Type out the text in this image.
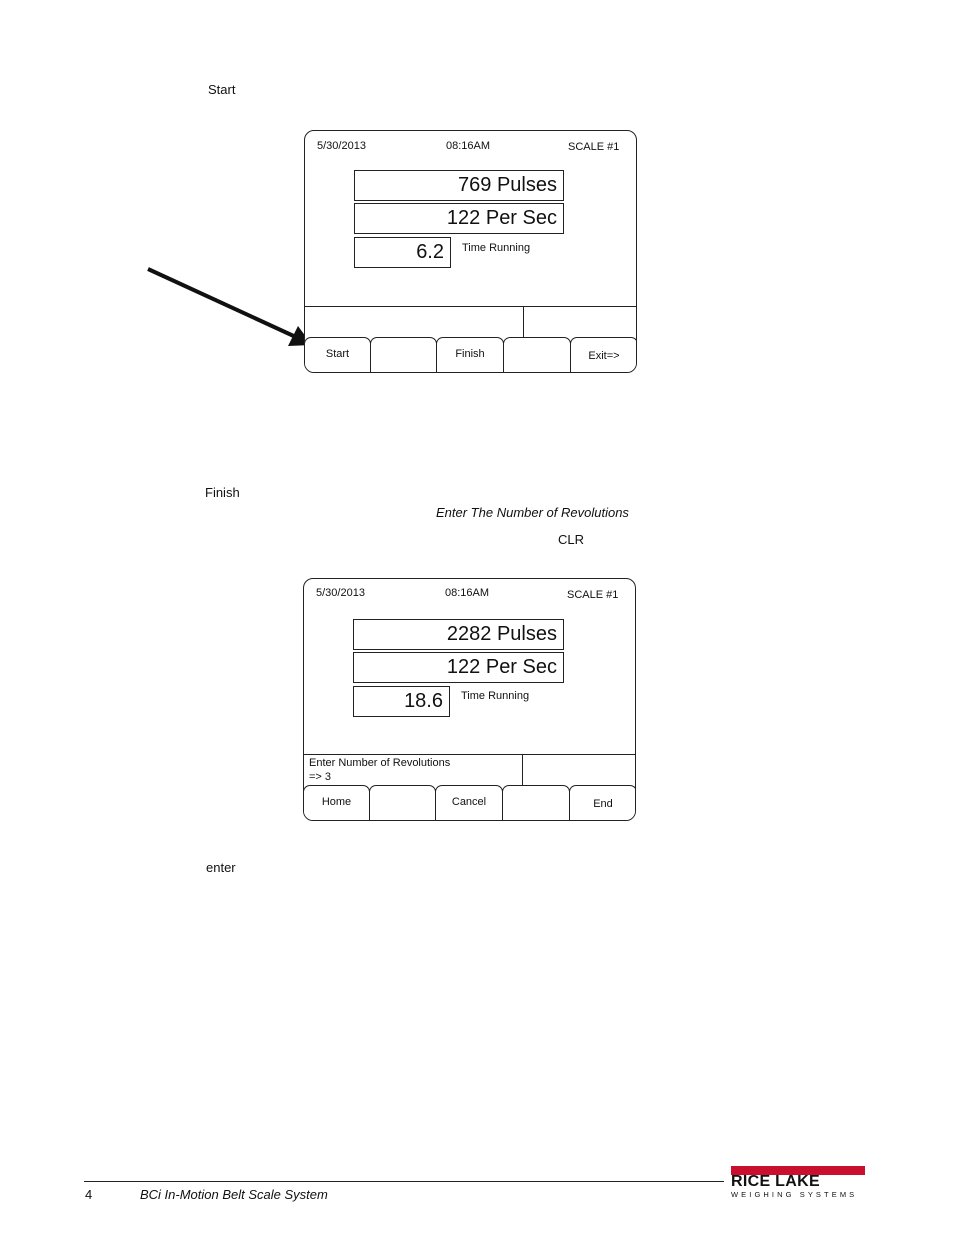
Start
5/30/2013	08:16AM	SCALE #1
769 Pulses
122 Per Sec
6.2	Time Running
Start	Finish	Exit=>
Finish
Enter The Number of Revolutions
CLR
5/30/2013	08:16AM	SCALE #1
2282 Pulses
122 Per Sec
18.6	Time Running
Enter Number of Revolutions
=> 3
Home	Cancel	End
enter
4	BCi In-Motion Belt Scale System
RICE LAKE
WEIGHING SYSTEMS
